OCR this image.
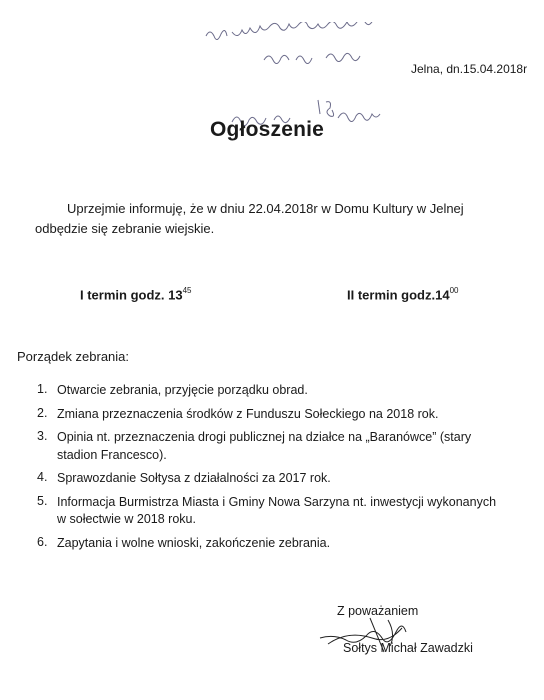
Jelna, dn.15.04.2018r
Ogłoszenie
Uprzejmie informuję, że w dniu 22.04.2018r w Domu Kultury w Jelnej
odbędzie się zebranie wiejskie.
I termin godz. $13^{45}$	II termin $godz.14^{00}$
Porządek zebrania:
1. Otwarcie zebrania, przyjęcie porządku obrad.
2. Zmiana przeznaczenia środków z Funduszu Sołeckiego na 2018 rok.
3. Opinia nt. przeznaczenia drogi publicznej na działce na „Baranówce” (stary stadion Francesco).
4. Sprawozdanie Sołtysa z działalności za 2017 rok.
5. Informacja Burmistrza Miasta i Gminy Nowa Sarzyna nt. inwestycji wykonanych w sołectwie w 2018 roku.
6. Zapytania i wolne wnioski, zakończenie zebrania.
Z poważaniem
Sołtys Michał Zawadzki
